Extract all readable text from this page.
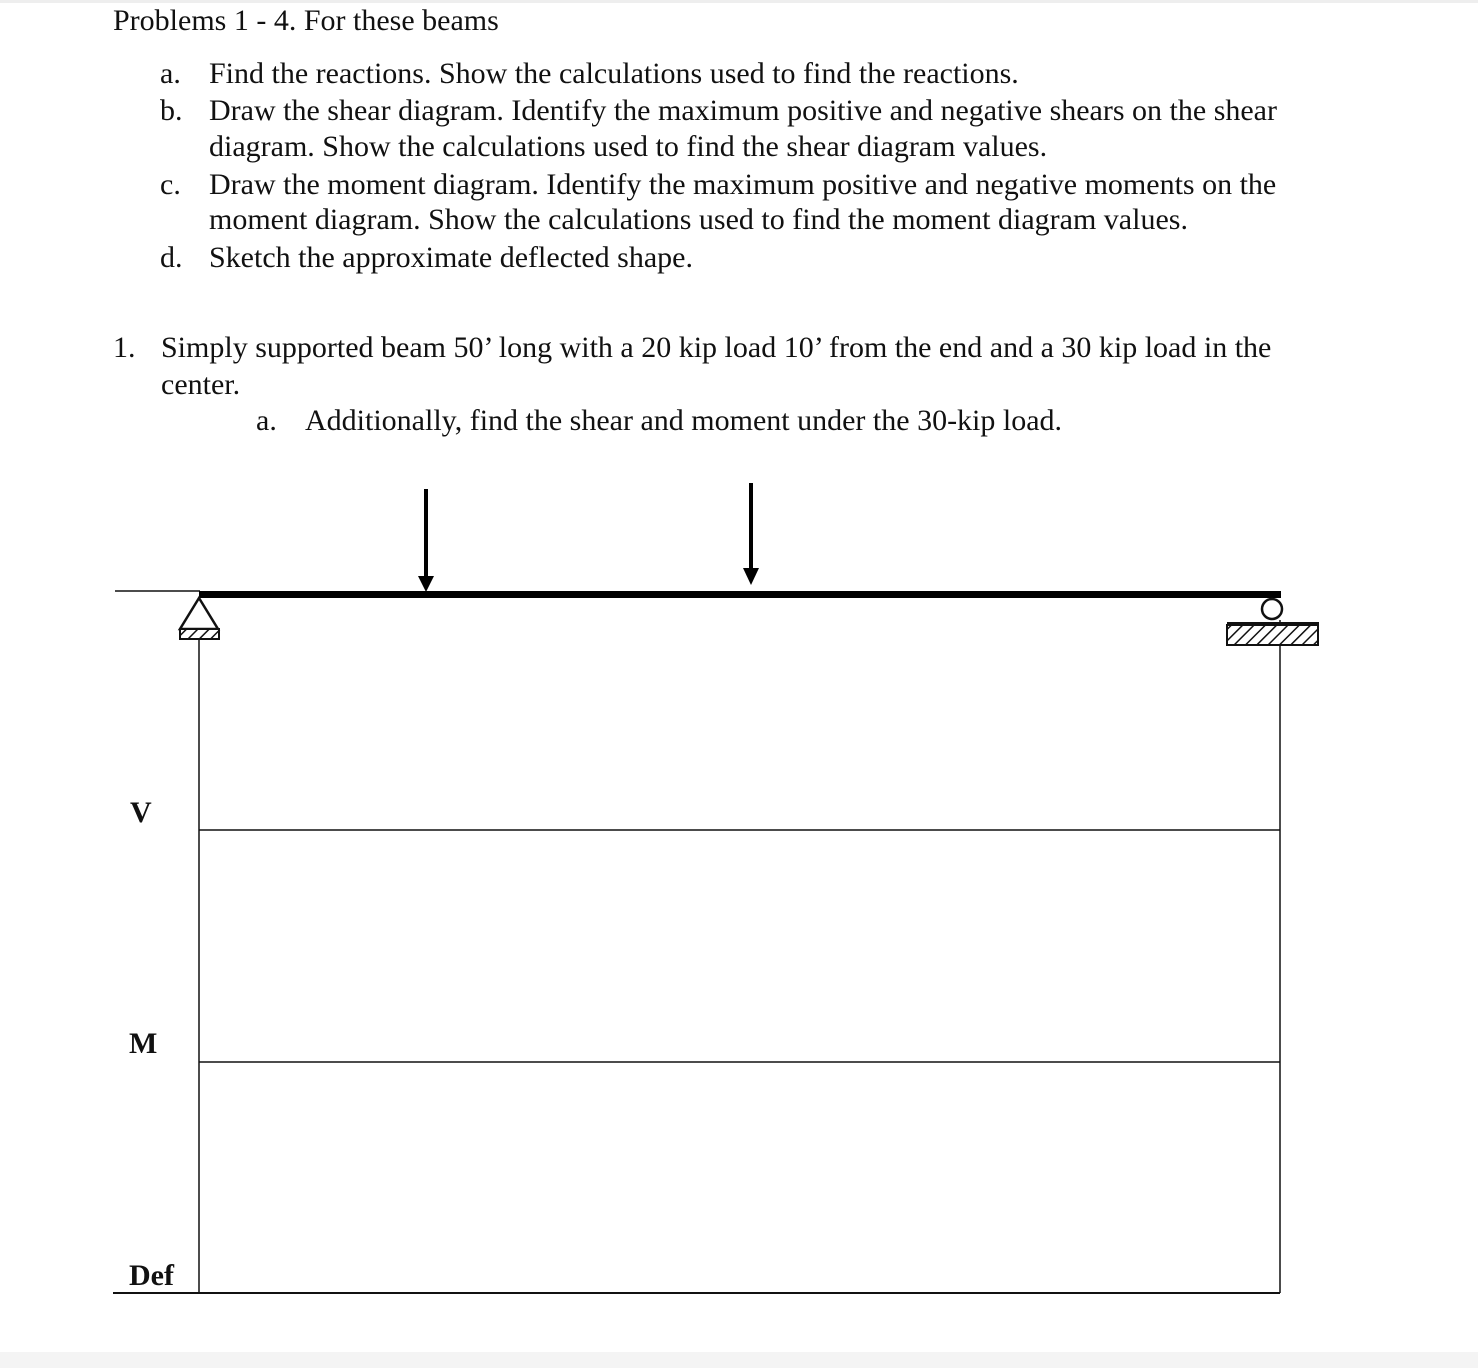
Problems 1 - 4. For these beams
a. Find the reactions. Show the calculations used to find the reactions.
b. Draw the shear diagram. Identify the maximum positive and negative shears on the shear
diagram. Show the calculations used to find the shear diagram values.
c. Draw the moment diagram. Identify the maximum positive and negative moments on the
moment diagram. Show the calculations used to find the moment diagram values.
d. Sketch the approximate deflected shape.
1. Simply supported beam 50’ long with a 20 kip load 10’ from the end and a 30 kip load in the
center.
a. Additionally, find the shear and moment under the 30-kip load.
V
M
Def
